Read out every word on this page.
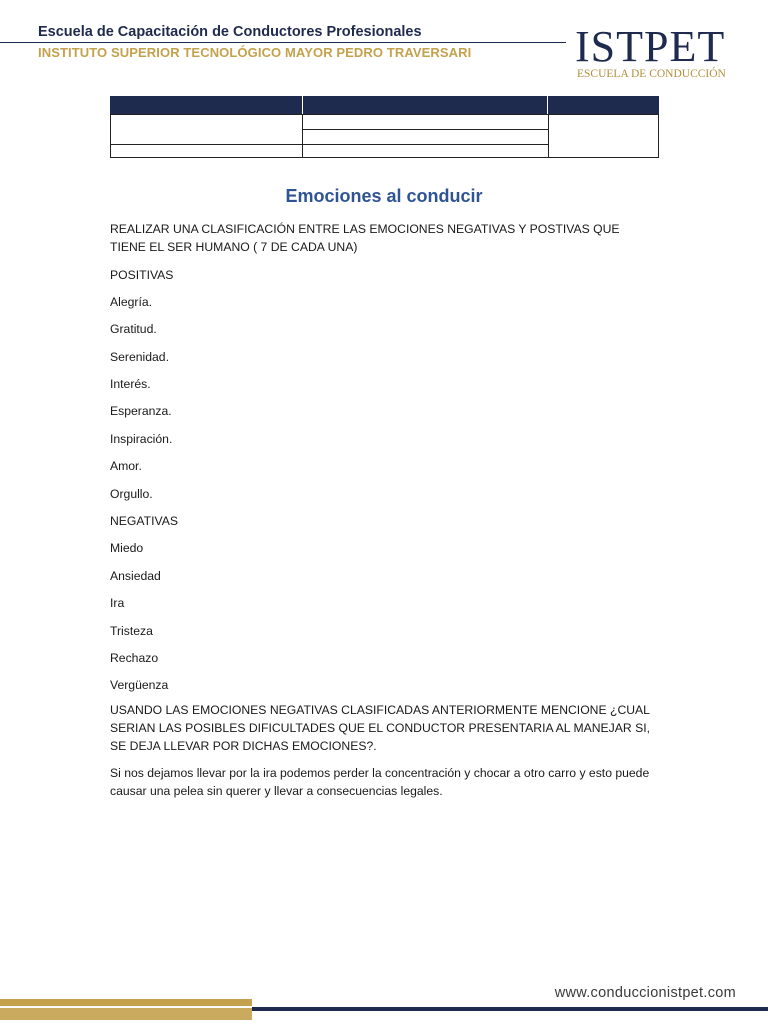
Escuela de Capacitación de Conductores Profesionales
INSTITUTO SUPERIOR TECNOLÓGICO MAYOR PEDRO TRAVERSARI ISTPET
ESCUELA DE CONDUCCIÓN
Emociones al conducir

REALIZAR UNA CLASIFICACIÓN ENTRE LAS EMOCIONES NEGATIVAS Y POSTIVAS QUE TIENE EL SER HUMANO ( 7 DE CADA UNA)

POSITIVAS

Alegría.

Gratitud.

Serenidad.

Interés.

Esperanza.

Inspiración.

Amor.

Orgullo.

NEGATIVAS

Miedo

Ansiedad

Ira

Tristeza

Rechazo

Vergüenza

USANDO LAS EMOCIONES NEGATIVAS CLASIFICADAS ANTERIORMENTE MENCIONE ¿CUAL SERIAN LAS POSIBLES DIFICULTADES QUE EL CONDUCTOR PRESENTARIA AL MANEJAR SI, SE DEJA LLEVAR POR DICHAS EMOCIONES?.

Si nos dejamos llevar por la ira podemos perder la concentración y chocar a otro carro y esto puede causar una pelea sin querer y llevar a consecuencias legales.

www.conduccionistpet.com
